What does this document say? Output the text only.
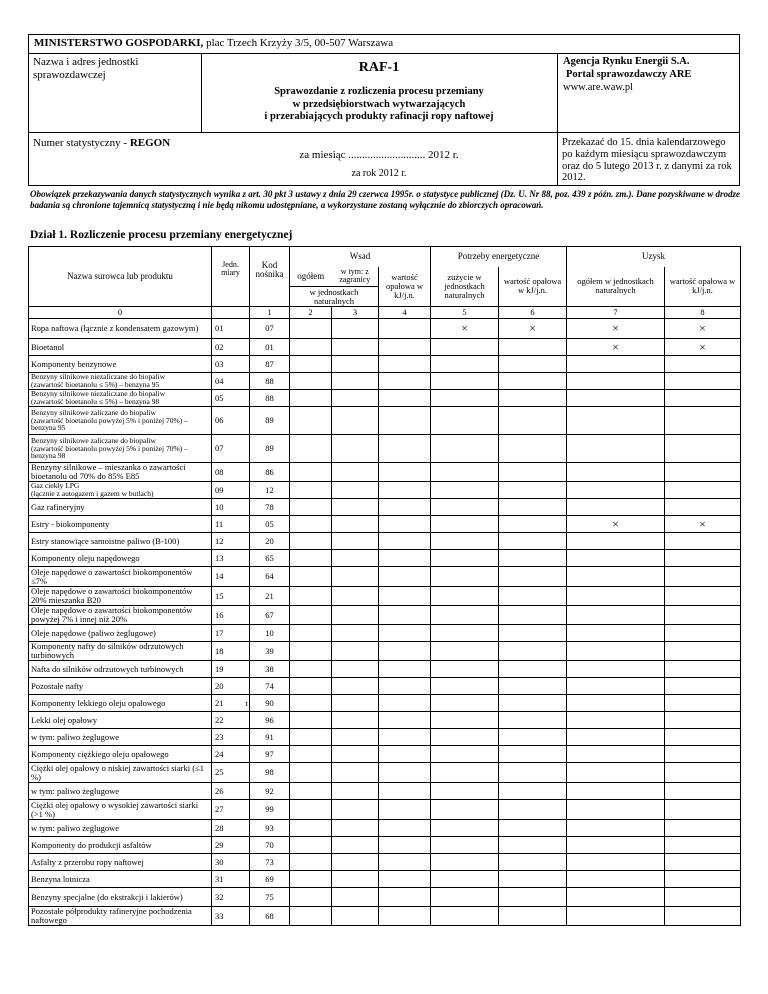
MINISTERSTWO GOSPODARKI, plac Trzech Krzyży 3/5, 00-507 Warszawa
Nazwa i adres jednostki sprawozdawczej	RAF-1
Sprawozdanie z rozliczenia procesu przemiany
w przedsiębiorstwach wytwarzających
i przerabiających produkty rafinacji ropy naftowej
Agencja Rynku Energii S.A.
Portal sprawozdawczy ARE
www.are.waw.pl
Numer statystyczny - REGON
za miesiąc ............................ 2012 r.
za rok 2012 r.
Przekazać do 15. dnia kalendarzowego po każdym miesiącu sprawozdawczym oraz do 5 lutego 2013 r. z danymi za rok 2012.
Obowiązek przekazywania danych statystycznych wynika z art. 30 pkt 3 ustawy z dnia 29 czerwca 1995r. o statystyce publicznej (Dz. U. Nr 88, poz. 439 z późn. zm.). Dane pozyskiwane w drodze badania są chronione tajemnicą statystyczną i nie będą nikomu udostępniane, a wykorzystane zostaną wyłącznie do zbiorczych opracowań.
Dział 1. Rozliczenie procesu przemiany energetycznej
Nazwa surowca lub produktu	Jedn. miary	Kod nośnika	Wsad			Potrzeby energetyczne		Uzysk	
			ogółem	w tym: z zagranicy	wartość opałowa w kJ/j.n.	zużycie w jednostkach naturalnych	wartość opałowa w kJ/j.n.	ogółem w jednostkach naturalnych	wartość opałowa w kJ/j.n.
			w jednostkach naturalnych						
0		1	2	3	4	5	6	7	8
Ropa naftowa (łącznie z kondensatem gazowym)	01	07				×	×	×	×
Bioetanol	02	01						×	×
Komponenty benzynowe	03	87							
Benzyny silnikowe niezaliczane do biopaliw
(zawartość bioetanolu ≤ 5%) – benzyna 95	04	88							
Benzyny silnikowe niezaliczane do biopaliw
(zawartość bioetanolu ≤ 5%) – benzyna 98	05	88							
Benzyny silnikowe zaliczane do biopaliw
(zawartość bioetanolu powyżej 5% i poniżej 70%) – benzyna 95	06	89							
Benzyny silnikowe zaliczane do biopaliw
(zawartość bioetanolu powyżej 5% i poniżej 70%) – benzyna 98	07	89							
Benzyny silnikowe – mieszanka o zawartości bioetanolu od 70% do 85% E85	08	86							
Gaz ciekły LPG
(łącznie z autogazem i gazem w butlach)	09	12							
Gaz rafineryjny	10	78							
Estry - biokomponenty	11	05						×	×
Estry stanowiące samoistne paliwo (B-100)	12	20							
Komponenty oleju napędowego	13	65							
Oleje napędowe o zawartości biokomponentów ≤7%	14	64							
Oleje napędowe o zawartości biokomponentów 20% mieszanka B20	15	21							
Oleje napędowe o zawartości biokomponentów powyżej 7% i innej niż 20%	16	67							
Oleje napędowe (paliwo żeglugowe)	17	10							
Komponenty nafty do silników odrzutowych turbinowych	18	39							
Nafta do silników odrzutowych turbinowych	19	38							
Pozostałe nafty	20	74							
Komponenty lekkiego oleju opałowego	21 t	90							
Lekki olej opałowy	22	96							
w tym: paliwo żeglugowe	23	91							
Komponenty ciężkiego oleju opałowego	24	97							
Ciężki olej opałowy o niskiej zawartości siarki (≤1 %)	25	98							
w tym: paliwo żeglugowe	26	92							
Ciężki olej opałowy o wysokiej zawartości siarki (>1 %)	27	99							
w tym: paliwo żeglugowe	28	93							
Komponenty do produkcji asfaltów	29	70							
Asfalty z przerobu ropy naftowej	30	73							
Benzyna lotnicza	31	69							
Benzyny specjalne (do ekstrakcji i lakierów)	32	75							
Pozostałe półprodukty rafineryjne pochodzenia naftowego	33	68							
